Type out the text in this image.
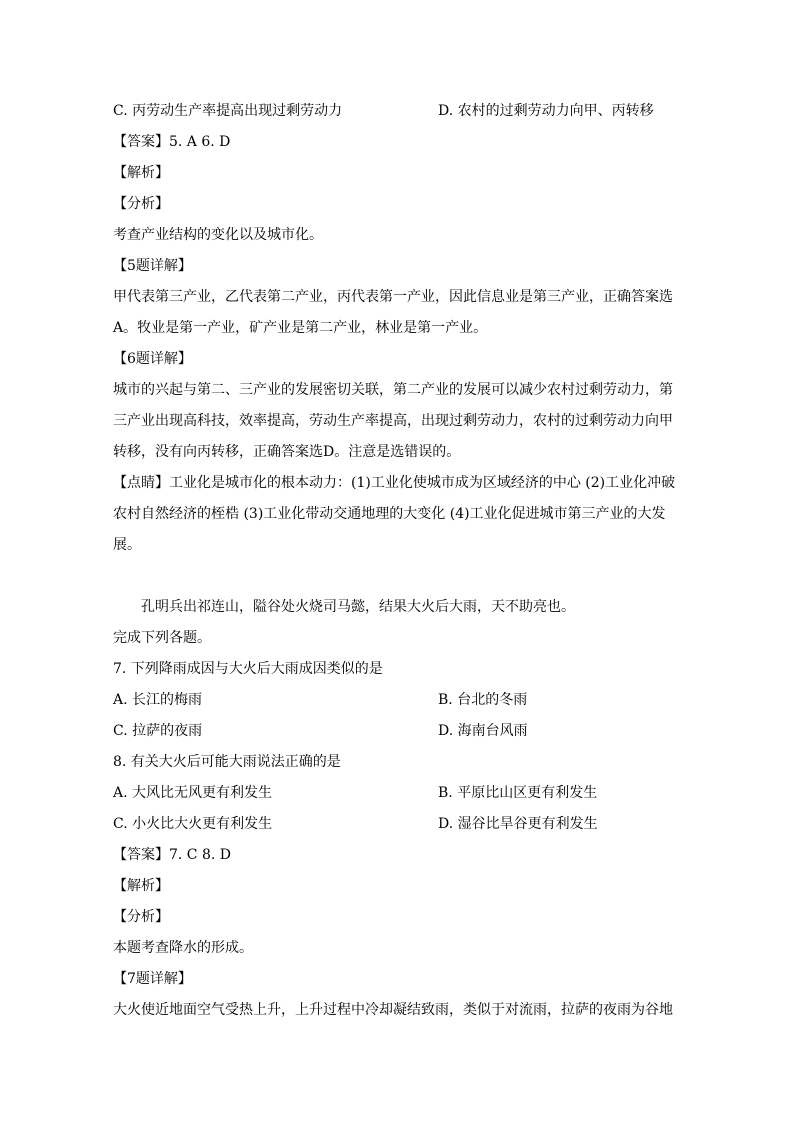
C. 丙劳动生产率提高出现过剩劳动力	D. 农村的过剩劳动力向甲、丙转移
【答案】5. A 6. D
【解析】
【分析】
考查产业结构的变化以及城市化。
【5题详解】
甲代表第三产业，乙代表第二产业，丙代表第一产业，因此信息业是第三产业，正确答案选
A。牧业是第一产业，矿产业是第二产业，林业是第一产业。
【6题详解】
城市的兴起与第二、三产业的发展密切关联，第二产业的发展可以减少农村过剩劳动力，第
三产业出现高科技，效率提高，劳动生产率提高，出现过剩劳动力，农村的过剩劳动力向甲
转移，没有向丙转移，正确答案选D。注意是选错误的。
【点睛】工业化是城市化的根本动力：(1)工业化使城市成为区域经济的中心 (2)工业化冲破
农村自然经济的桎梏 (3)工业化带动交通地理的大变化 (4)工业化促进城市第三产业的大发
展。
孔明兵出祁连山，隘谷处火烧司马懿，结果大火后大雨，天不助亮也。
完成下列各题。
7. 下列降雨成因与大火后大雨成因类似的是
A. 长江的梅雨	B. 台北的冬雨
C. 拉萨的夜雨	D. 海南台风雨
8. 有关大火后可能大雨说法正确的是
A. 大风比无风更有利发生	B. 平原比山区更有利发生
C. 小火比大火更有利发生	D. 湿谷比旱谷更有利发生
【答案】7. C 8. D
【解析】
【分析】
本题考查降水的形成。
【7题详解】
大火使近地面空气受热上升，上升过程中冷却凝结致雨，类似于对流雨，拉萨的夜雨为谷地
